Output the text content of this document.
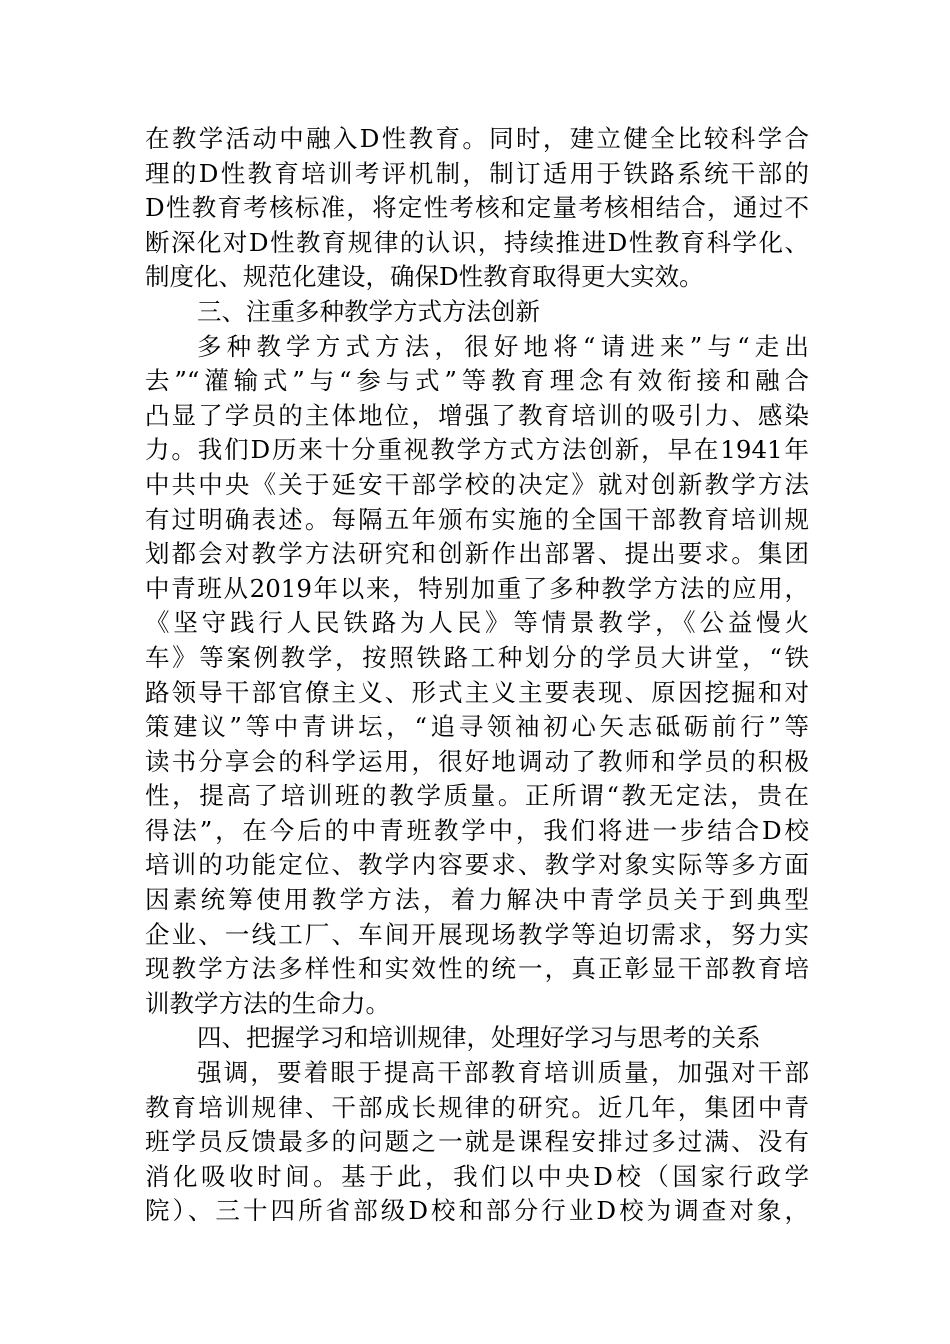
在教学活动中融入D性教育。同时，建立健全比较科学合
理的D性教育培训考评机制，制订适用于铁路系统干部的
D性教育考核标准，将定性考核和定量考核相结合，通过不
断深化对D性教育规律的认识，持续推进D性教育科学化、
制度化、规范化建设，确保D性教育取得更大实效。
三、注重多种教学方式方法创新
多种教学方式方法，很好地将“请进来”与“走出
去”“灌输式”与“参与式”等教育理念有效衔接和融合
凸显了学员的主体地位，增强了教育培训的吸引力、感染
力。我们D历来十分重视教学方式方法创新，早在1941年
中共中央《关于延安干部学校的决定》就对创新教学方法
有过明确表述。每隔五年颁布实施的全国干部教育培训规
划都会对教学方法研究和创新作出部署、提出要求。集团
中青班从2019年以来，特别加重了多种教学方法的应用，
《坚守践行人民铁路为人民》等情景教学，《公益慢火
车》等案例教学，按照铁路工种划分的学员大讲堂，“铁
路领导干部官僚主义、形式主义主要表现、原因挖掘和对
策建议”等中青讲坛，“追寻领袖初心矢志砥砺前行”等
读书分享会的科学运用，很好地调动了教师和学员的积极
性，提高了培训班的教学质量。正所谓“教无定法，贵在
得法”，在今后的中青班教学中，我们将进一步结合D校
培训的功能定位、教学内容要求、教学对象实际等多方面
因素统筹使用教学方法，着力解决中青学员关于到典型
企业、一线工厂、车间开展现场教学等迫切需求，努力实
现教学方法多样性和实效性的统一，真正彰显干部教育培
训教学方法的生命力。
四、把握学习和培训规律，处理好学习与思考的关系
强调，要着眼于提高干部教育培训质量，加强对干部
教育培训规律、干部成长规律的研究。近几年，集团中青
班学员反馈最多的问题之一就是课程安排过多过满、没有
消化吸收时间。基于此，我们以中央D校（国家行政学
院）、三十四所省部级D校和部分行业D校为调查对象，
